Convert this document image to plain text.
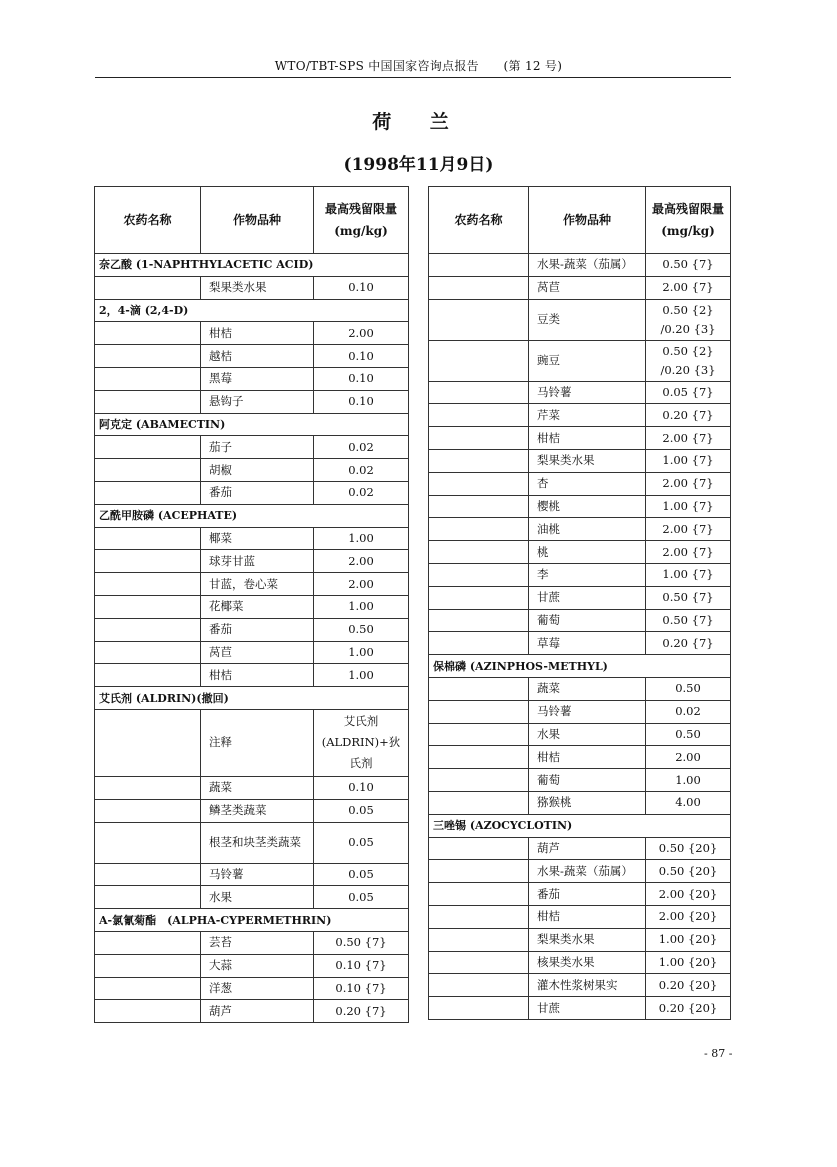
WTO/TBT-SPS 中国国家咨询点报告　　(第 12 号)
荷 兰
(1998年11月9日)
农药名称	作物品种	最高残留限量(mg/kg)
奈乙酸 (1-NAPHTHYLACETIC ACID)		
	梨果类水果	0.10
2，4-滴 (2,4-D)		
	柑桔	2.00
	越桔	0.10
	黑莓	0.10
	悬钩子	0.10
阿克定 (ABAMECTIN)		
	茄子	0.02
	胡椒	0.02
	番茄	0.02
乙酰甲胺磷 (ACEPHATE)		
	椰菜	1.00
	球芽甘蓝	2.00
	甘蓝，卷心菜	2.00
	花椰菜	1.00
	番茄	0.50
	莴苣	1.00
	柑桔	1.00
艾氏剂 (ALDRIN)(撤回)		
	注释	艾氏剂(ALDRIN)+狄氏剂
	蔬菜	0.10
	鳞茎类蔬菜	0.05
	根茎和块茎类蔬菜	0.05
	马铃薯	0.05
	水果	0.05
A-氯氰菊酯　(ALPHA-CYPERMETHRIN)		
	芸苔	0.50 {7}
	大蒜	0.10 {7}
	洋葱	0.10 {7}
	葫芦	0.20 {7}
农药名称	作物品种	最高残留限量(mg/kg)
	水果-蔬菜（茄属）	0.50 {7}
	莴苣	2.00 {7}
	豆类	0.50 {2} /0.20 {3}
	豌豆	0.50 {2} /0.20 {3}
	马铃薯	0.05 {7}
	芹菜	0.20 {7}
	柑桔	2.00 {7}
	梨果类水果	1.00 {7}
	杏	2.00 {7}
	樱桃	1.00 {7}
	油桃	2.00 {7}
	桃	2.00 {7}
	李	1.00 {7}
	甘蔗	0.50 {7}
	葡萄	0.50 {7}
	草莓	0.20 {7}
保棉磷 (AZINPHOS-METHYL)		
	蔬菜	0.50
	马铃薯	0.02
	水果	0.50
	柑桔	2.00
	葡萄	1.00
	猕猴桃	4.00
三唑锡 (AZOCYCLOTIN)		
	葫芦	0.50 {20}
	水果-蔬菜（茄属）	0.50 {20}
	番茄	2.00 {20}
	柑桔	2.00 {20}
	梨果类水果	1.00 {20}
	核果类水果	1.00 {20}
	灌木性浆树果实	0.20 {20}
	甘蔗	0.20 {20}
- 87 -
